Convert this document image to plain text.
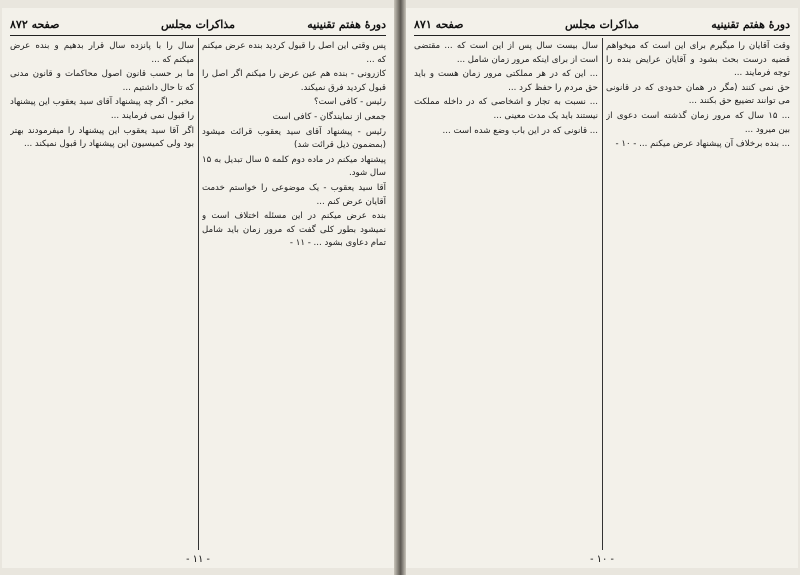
دورهٔ هفتم تقنینیه
مذاکرات مجلس
صفحه ۸۷۲

پس وقتی این اصل را قبول کردید بنده عرض میکنم که ...

کازرونی - بنده هم عین عرض را میکنم اگر اصل را قبول کردید فرق نمیکند.

رئیس - کافی است؟

جمعی از نمایندگان - کافی است

رئیس - پیشنهاد آقای سید یعقوب قرائت میشود (بمضمون ذیل قرائت شد)

پیشنهاد میکنم در ماده دوم کلمه ۵ سال تبدیل به ۱۵ سال شود.

آقا سید یعقوب - یک موضوعی را خواستم خدمت آقایان عرض کنم ...

بنده عرض میکنم در این مسئله اختلاف است و نمیشود بطور کلی گفت که مرور زمان باید شامل تمام دعاوی بشود ... - ۱۱ -

سال را با پانزده سال قرار بدهیم و بنده عرض میکنم که ...

ما بر حسب قانون اصول محاکمات و قانون مدنی که تا حال داشتیم ...

مخبر - اگر چه پیشنهاد آقای سید یعقوب این پیشنهاد را قبول نمی فرمایند ...

اگر آقا سید یعقوب این پیشنهاد را میفرمودند بهتر بود ولی کمیسیون این پیشنهاد را قبول نمیکند ...

- ۱۱ -
دورهٔ هفتم تقنینیه
مذاکرات مجلس
صفحه ۸۷۱

وقت آقایان را میگیرم برای این است که میخواهم قضیه درست بحث بشود و آقایان عرایض بنده را توجه فرمایند ...

حق نمی کنند (مگر در همان حدودی که در قانونی می توانند تضییع حق بکنند ...

... ۱۵ سال که مرور زمان گذشته است دعوی از بین میرود ...

... بنده برخلاف آن پیشنهاد عرض میکنم ... - ۱۰ -

سال بیست سال پس از این است که ... مقتضی است از برای اینکه مرور زمان شامل ...

... این که در هر مملکتی مرور زمان هست و باید حق مردم را حفظ کرد ...

... نسبت به تجار و اشخاصی که در داخله مملکت نیستند باید یک مدت معینی ...

... قانونی که در این باب وضع شده است ...

- ۱۰ -
